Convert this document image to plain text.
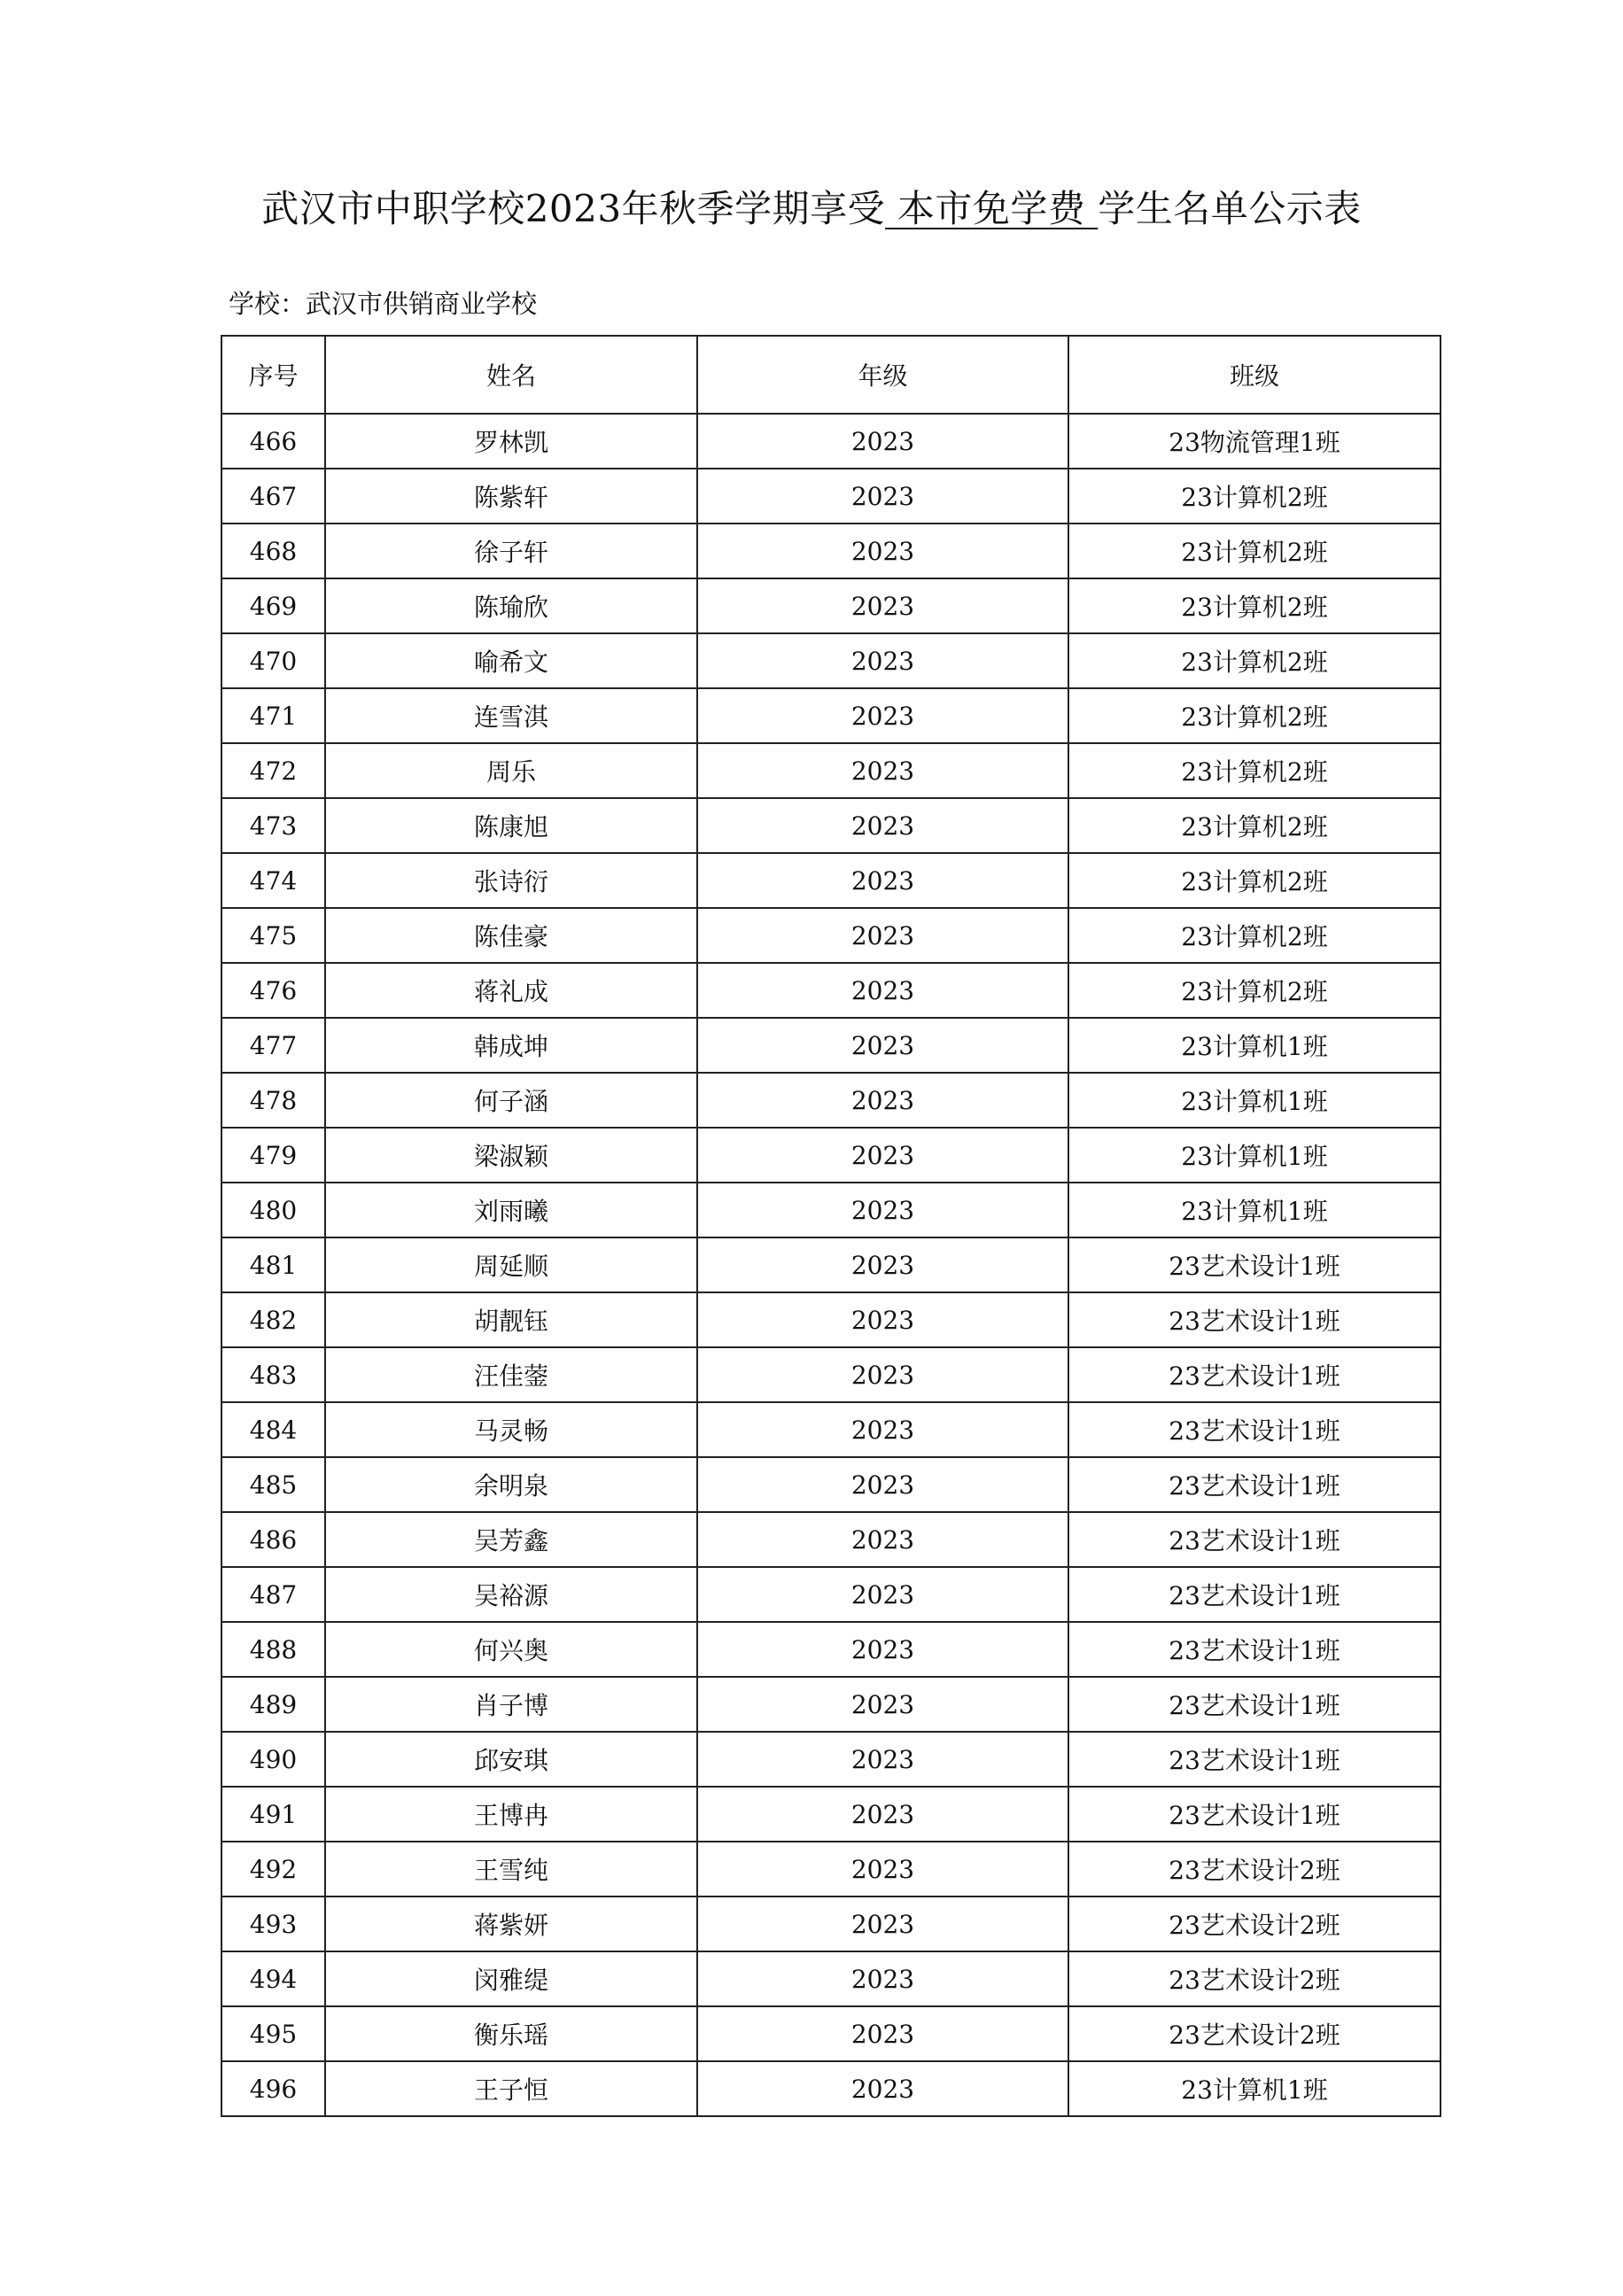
武汉市中职学校2023年秋季学期享受 本市免学费 学生名单公示表
学校：武汉市供销商业学校
序号	姓名	年级	班级
466	罗林凯	2023	23物流管理1班
467	陈紫轩	2023	23计算机2班
468	徐子轩	2023	23计算机2班
469	陈瑜欣	2023	23计算机2班
470	喻希文	2023	23计算机2班
471	连雪淇	2023	23计算机2班
472	周乐	2023	23计算机2班
473	陈康旭	2023	23计算机2班
474	张诗衍	2023	23计算机2班
475	陈佳豪	2023	23计算机2班
476	蒋礼成	2023	23计算机2班
477	韩成坤	2023	23计算机1班
478	何子涵	2023	23计算机1班
479	梁淑颖	2023	23计算机1班
480	刘雨曦	2023	23计算机1班
481	周延顺	2023	23艺术设计1班
482	胡靓钰	2023	23艺术设计1班
483	汪佳蓥	2023	23艺术设计1班
484	马灵畅	2023	23艺术设计1班
485	余明泉	2023	23艺术设计1班
486	吴芳鑫	2023	23艺术设计1班
487	吴裕源	2023	23艺术设计1班
488	何兴奥	2023	23艺术设计1班
489	肖子博	2023	23艺术设计1班
490	邱安琪	2023	23艺术设计1班
491	王博冉	2023	23艺术设计1班
492	王雪纯	2023	23艺术设计2班
493	蒋紫妍	2023	23艺术设计2班
494	闵雅缇	2023	23艺术设计2班
495	衡乐瑶	2023	23艺术设计2班
496	王子恒	2023	23计算机1班
